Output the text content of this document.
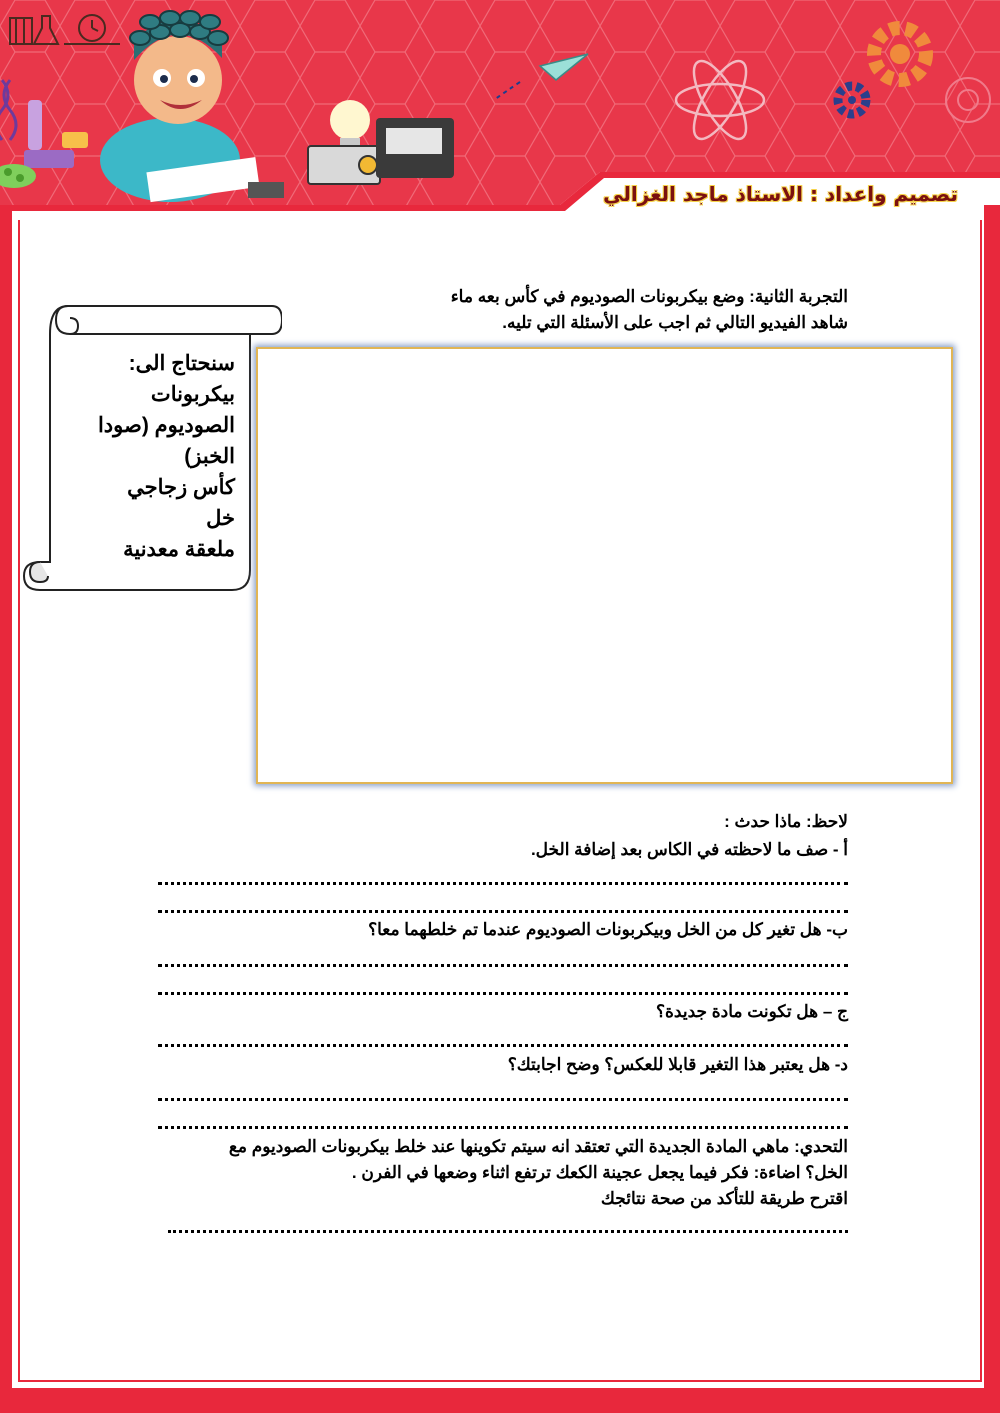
تصميم واعداد : الاستاذ ماجد الغزالي
سنحتاج الى:
بيكربونات
الصوديوم (صودا
الخبز)
كأس زجاجي
خل
ملعقة معدنية
التجربة الثانية: وضع بيكربونات الصوديوم في كأس بعه ماء
شاهد الفيديو التالي ثم اجب على الأسئلة التي تليه.
لاحظ: ماذا حدث :
أ - صف ما لاحظته في الكاس بعد إضافة الخل.
ب- هل تغير كل من الخل وبيكربونات الصوديوم عندما تم خلطهما معا؟
ج – هل تكونت مادة جديدة؟
د- هل يعتبر هذا التغير قابلا للعكس؟ وضح اجابتك؟
التحدي: ماهي المادة الجديدة التي تعتقد انه سيتم تكوينها عند خلط بيكربونات الصوديوم مع
الخل؟ اضاءة: فكر فيما يجعل عجينة الكعك ترتفع اثناء وضعها في الفرن .
اقترح طريقة للتأكد من صحة نتائجك
